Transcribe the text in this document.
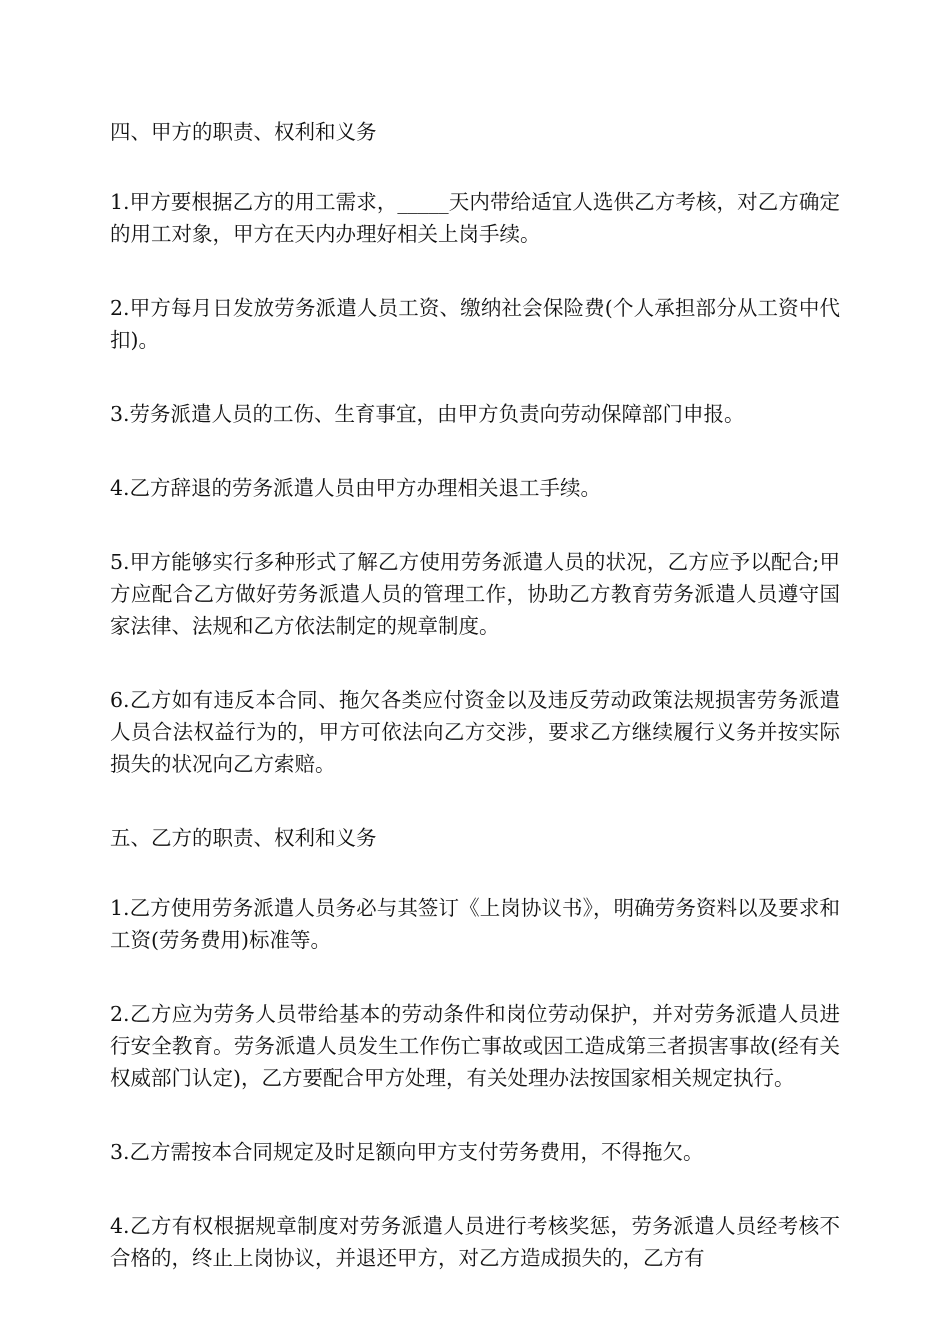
四、甲方的职责、权利和义务

1.甲方要根据乙方的用工需求，_____天内带给适宜人选供乙方考核，对乙方确定的用工对象，甲方在天内办理好相关上岗手续。

2.甲方每月日发放劳务派遣人员工资、缴纳社会保险费(个人承担部分从工资中代扣)。

3.劳务派遣人员的工伤、生育事宜，由甲方负责向劳动保障部门申报。

4.乙方辞退的劳务派遣人员由甲方办理相关退工手续。

5.甲方能够实行多种形式了解乙方使用劳务派遣人员的状况，乙方应予以配合;甲方应配合乙方做好劳务派遣人员的管理工作，协助乙方教育劳务派遣人员遵守国家法律、法规和乙方依法制定的规章制度。

6.乙方如有违反本合同、拖欠各类应付资金以及违反劳动政策法规损害劳务派遣人员合法权益行为的，甲方可依法向乙方交涉，要求乙方继续履行义务并按实际损失的状况向乙方索赔。

五、乙方的职责、权利和义务

1.乙方使用劳务派遣人员务必与其签订《上岗协议书》，明确劳务资料以及要求和工资(劳务费用)标准等。

2.乙方应为劳务人员带给基本的劳动条件和岗位劳动保护，并对劳务派遣人员进行安全教育。劳务派遣人员发生工作伤亡事故或因工造成第三者损害事故(经有关权威部门认定)，乙方要配合甲方处理，有关处理办法按国家相关规定执行。

3.乙方需按本合同规定及时足额向甲方支付劳务费用，不得拖欠。

4.乙方有权根据规章制度对劳务派遣人员进行考核奖惩，劳务派遣人员经考核不合格的，终止上岗协议，并退还甲方，对乙方造成损失的，乙方有
